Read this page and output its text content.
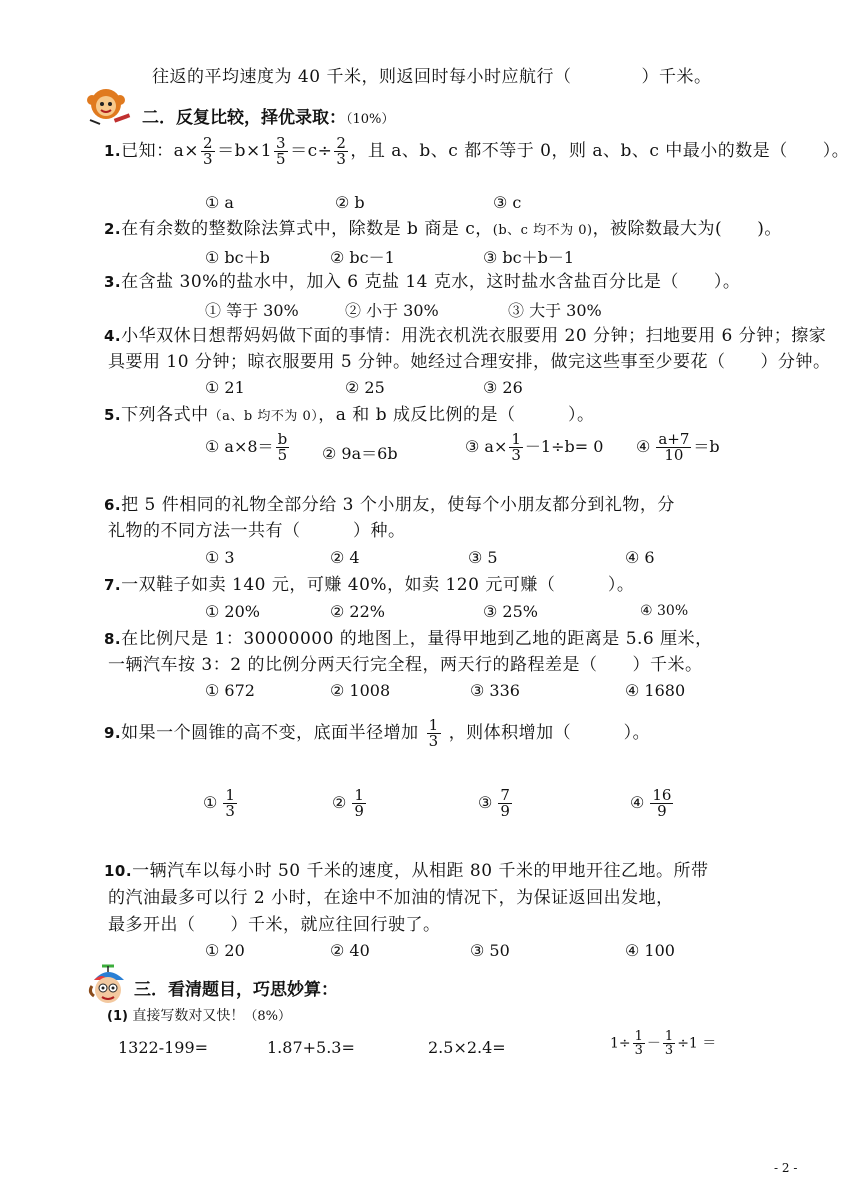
往返的平均速度为 40 千米，则返回时每小时应航行（　　　　）千米。
二．反复比较，择优录取：（10%）
1.已知：$a\times \frac{2}{3} =b\times 1 \frac{3}{5} =c\div \frac{2}{3}$ ，且 a、b、c 都不等于 0，则 a、b、c 中最小的数是（　　）。
① a	② b	③ c
2.在有余数的整数除法算式中，除数是 b 商是 c，(b、c 均不为 0)，被除数最大为(　　)。
① bc＋b	② bc－1	③ bc＋b－1
3.在含盐 30%的盐水中，加入 6 克盐 14 克水，这时盐水含盐百分比是（　　）。
① 等于 30%	② 小于 30%	③ 大于 30%
4.小华双休日想帮妈妈做下面的事情：用洗衣机洗衣服要用 20 分钟；扫地要用 6 分钟；擦家
具要用 10 分钟；晾衣服要用 5 分钟。她经过合理安排，做完这些事至少要花（　　）分钟。
① 21	② 25	③ 26
5.下列各式中（a、b 均不为 0），a 和 b 成反比例的是（　　　）。
① $a\times 8= \frac{b}{5}$ ② 9a＝6b	③ $a\times \frac{1}{3} -1\div b= 0$ ④ $\frac{a+7}{10} =b$
6.把 5 件相同的礼物全部分给 3 个小朋友，使每个小朋友都分到礼物，分
礼物的不同方法一共有（　　　）种。
① 3	② 4	③ 5	④ 6
7.一双鞋子如卖 140 元，可赚 40%，如卖 120 元可赚（　　　）。
① 20%	② 22%	③ 25%	④ 30%
8.在比例尺是 1：30000000 的地图上，量得甲地到乙地的距离是 5.6 厘米，
一辆汽车按 3：2 的比例分两天行完全程，两天行的路程差是（　　）千米。
① 672	② 1008	③ 336	④ 1680
9.如果一个圆锥的高不变，底面半径增加 $\frac{1}{3}$ ，则体积增加（　　　）。
① $\frac{1}{3}$	② $\frac{1}{9}$	③ $\frac{7}{9}$	④ $\frac{16}{9}$
10.一辆汽车以每小时 50 千米的速度，从相距 80 千米的甲地开往乙地。所带
的汽油最多可以行 2 小时，在途中不加油的情况下，为保证返回出发地，
最多开出（　　）千米，就应往回行驶了。
① 20	② 40	③ 50	④ 100
三．看清题目，巧思妙算：
(1) 直接写数对又快！（8%）
1322-199=	1.87+5.3=	2.5×2.4=	$1\div \frac{1}{3} - \frac{1}{3} \div 1$ ＝
- 2 -
